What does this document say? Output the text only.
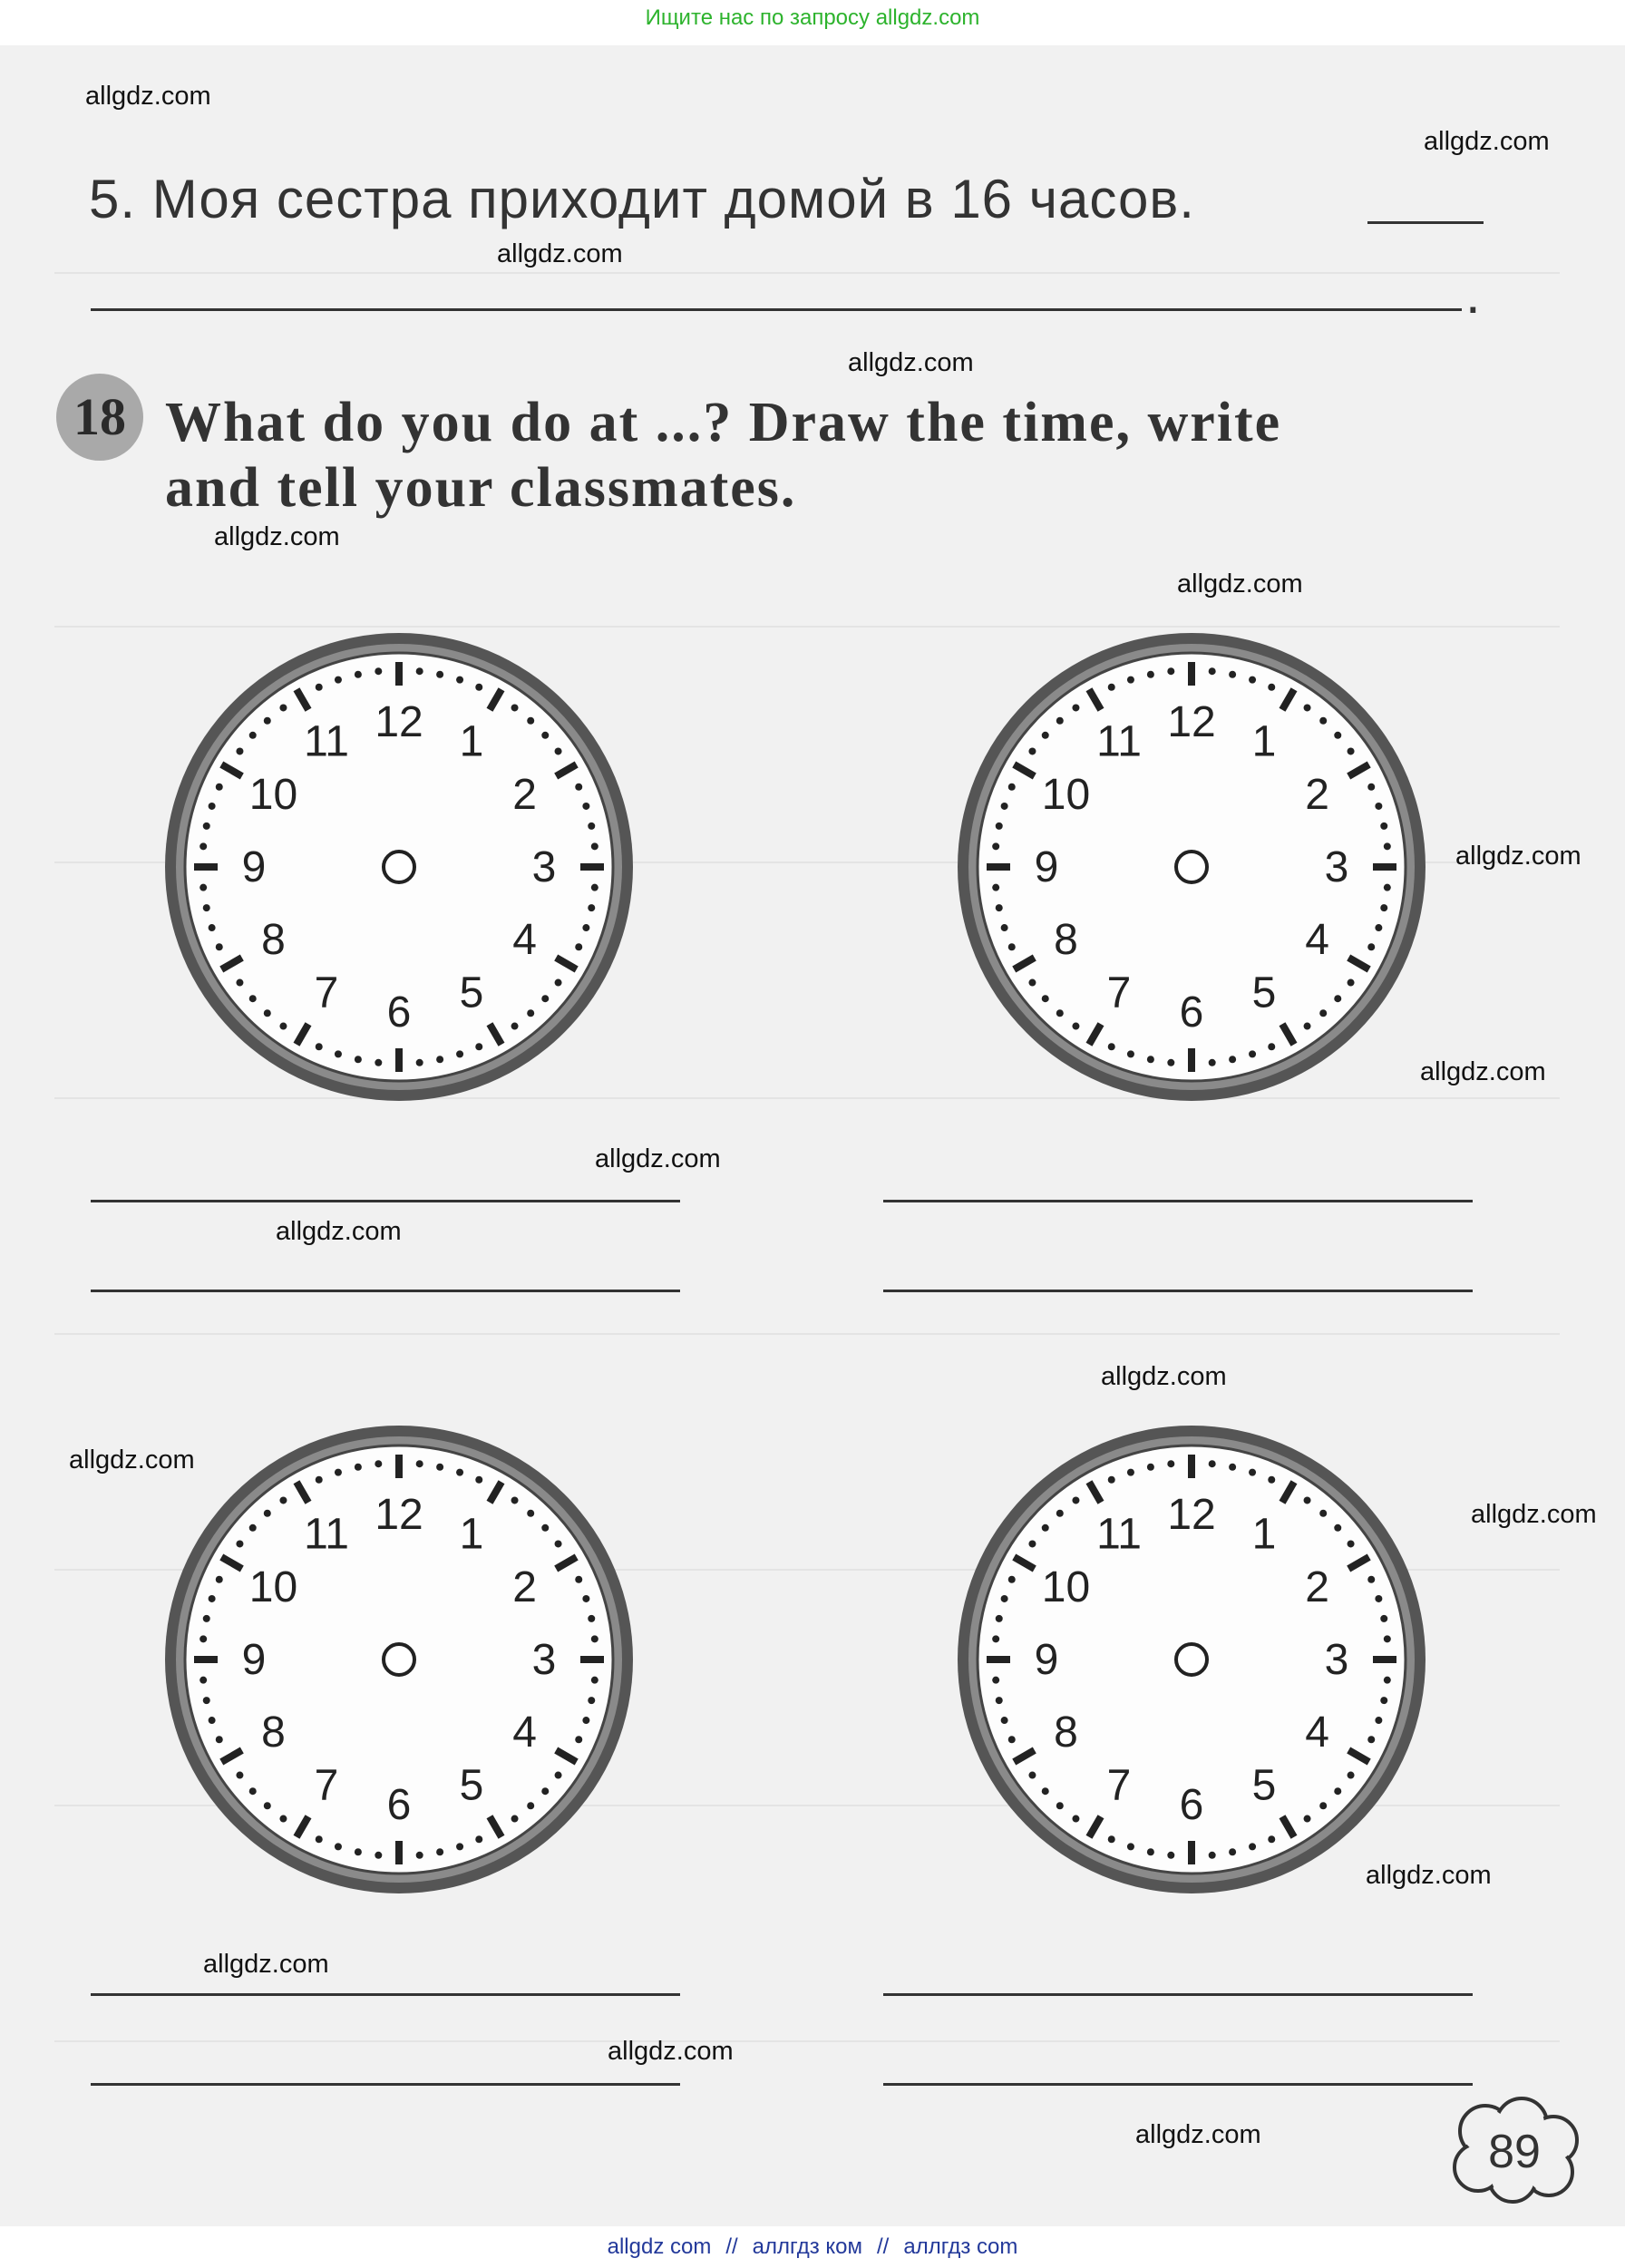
Ищите нас по запросу allgdz.com
allgdz.com
allgdz.com
allgdz.com
allgdz.com
allgdz.com
allgdz.com
allgdz.com
allgdz.com
allgdz.com
allgdz.com
allgdz.com
allgdz.com
allgdz.com
allgdz.com
allgdz.com
allgdz.com
allgdz.com
5. Моя сестра приходит домой в 16 часов.
.
18 What do you do at ...? Draw the time, write
and tell your classmates.
12 1
2
3
4
5
6
7
8
9
10
11	12 1
2
3
4
5
6
7
8
9
10
11
12 1
2
3
4
5
6
7
8
9
10
11	12 1
2
3
4
5
6
7
8
9
10
11
89
allgdz com // аллгдз ком // аллгдз com
